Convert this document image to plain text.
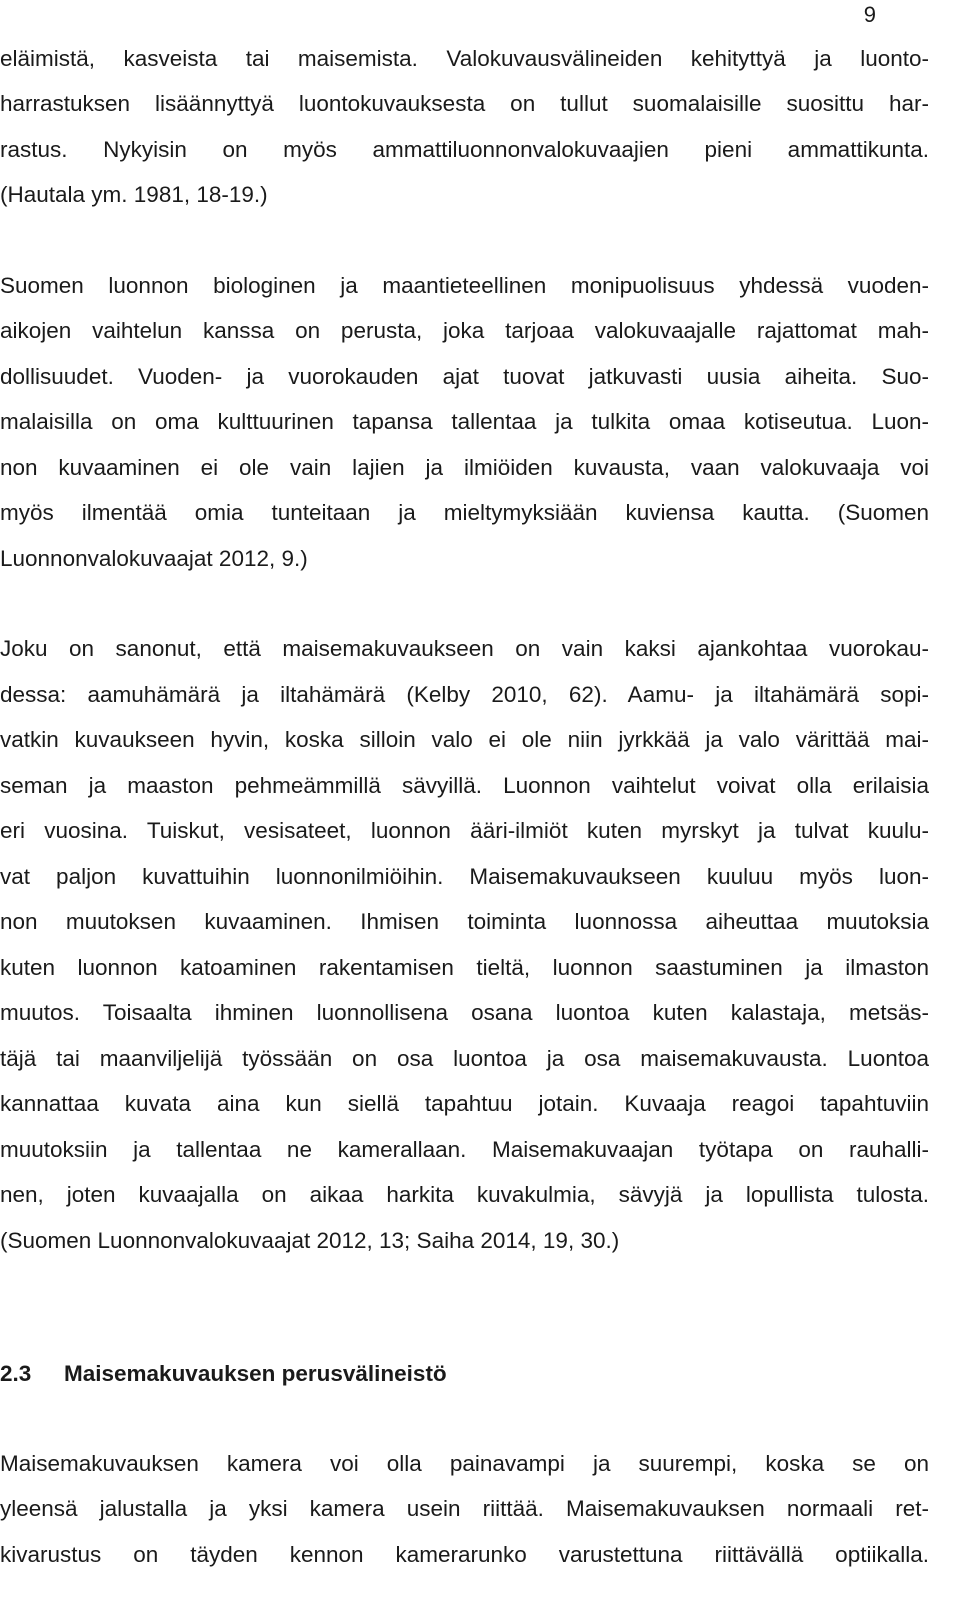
9
eläimistä, kasveista tai maisemista. Valokuvausvälineiden kehityttyä ja luonto-
harrastuksen lisäännyttyä luontokuvauksesta on tullut suomalaisille suosittu har-
rastus. Nykyisin on myös ammattiluonnonvalokuvaajien pieni ammattikunta.
(Hautala ym. 1981, 18-19.)
Suomen luonnon biologinen ja maantieteellinen monipuolisuus yhdessä vuoden-
aikojen vaihtelun kanssa on perusta, joka tarjoaa valokuvaajalle rajattomat mah-
dollisuudet. Vuoden- ja vuorokauden ajat tuovat jatkuvasti uusia aiheita. Suo-
malaisilla on oma kulttuurinen tapansa tallentaa ja tulkita omaa kotiseutua. Luon-
non kuvaaminen ei ole vain lajien ja ilmiöiden kuvausta, vaan valokuvaaja voi
myös ilmentää omia tunteitaan ja mieltymyksiään kuviensa kautta. (Suomen
Luonnonvalokuvaajat 2012, 9.)
Joku on sanonut, että maisemakuvaukseen on vain kaksi ajankohtaa vuorokau-
dessa: aamuhämärä ja iltahämärä (Kelby 2010, 62). Aamu- ja iltahämärä sopi-
vatkin kuvaukseen hyvin, koska silloin valo ei ole niin jyrkkää ja valo värittää mai-
seman ja maaston pehmeämmillä sävyillä. Luonnon vaihtelut voivat olla erilaisia
eri vuosina. Tuiskut, vesisateet, luonnon ääri-ilmiöt kuten myrskyt ja tulvat kuulu-
vat paljon kuvattuihin luonnonilmiöihin. Maisemakuvaukseen kuuluu myös luon-
non muutoksen kuvaaminen. Ihmisen toiminta luonnossa aiheuttaa muutoksia
kuten luonnon katoaminen rakentamisen tieltä, luonnon saastuminen ja ilmaston
muutos. Toisaalta ihminen luonnollisena osana luontoa kuten kalastaja, metsäs-
täjä tai maanviljelijä työssään on osa luontoa ja osa maisemakuvausta. Luontoa
kannattaa kuvata aina kun siellä tapahtuu jotain. Kuvaaja reagoi tapahtuviin
muutoksiin ja tallentaa ne kamerallaan. Maisemakuvaajan työtapa on rauhalli-
nen, joten kuvaajalla on aikaa harkita kuvakulmia, sävyjä ja lopullista tulosta.
(Suomen Luonnonvalokuvaajat 2012, 13; Saiha 2014, 19, 30.)
2.3 Maisemakuvauksen perusvälineistö
Maisemakuvauksen kamera voi olla painavampi ja suurempi, koska se on
yleensä jalustalla ja yksi kamera usein riittää. Maisemakuvauksen normaali ret-
kivarustus on täyden kennon kamerarunko varustettuna riittävällä optiikalla.
